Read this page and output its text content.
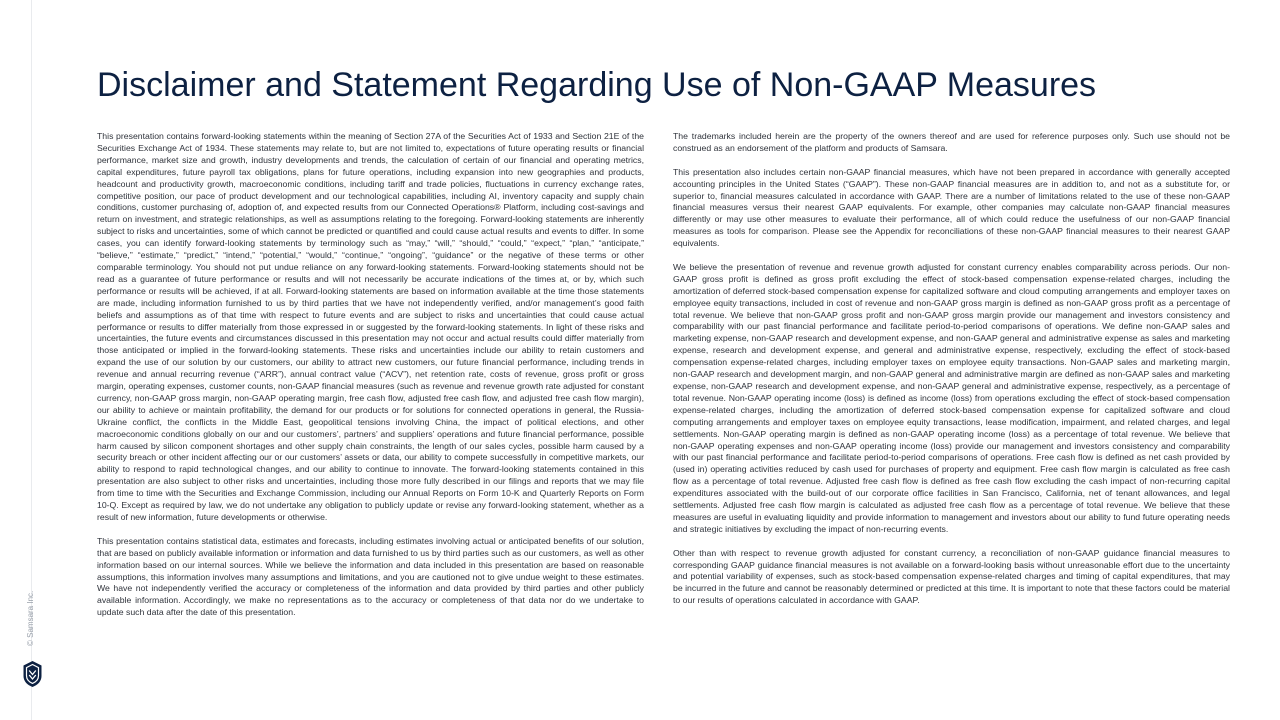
Disclaimer and Statement Regarding Use of Non-GAAP Measures

This presentation contains forward-looking statements within the meaning of Section 27A of the Securities Act of 1933 and Section 21E of the Securities Exchange Act of 1934. These statements may relate to, but are not limited to, expectations of future operating results or financial performance, market size and growth, industry developments and trends, the calculation of certain of our financial and operating metrics, capital expenditures, future payroll tax obligations, plans for future operations, including expansion into new geographies and products, headcount and productivity growth, macroeconomic conditions, including tariff and trade policies, fluctuations in currency exchange rates, competitive position, our pace of product development and our technological capabilities, including AI, inventory capacity and supply chain conditions, customer purchasing of, adoption of, and expected results from our Connected Operations® Platform, including cost-savings and return on investment, and strategic relationships, as well as assumptions relating to the foregoing. Forward-looking statements are inherently subject to risks and uncertainties, some of which cannot be predicted or quantified and could cause actual results and events to differ. In some cases, you can identify forward-looking statements by terminology such as “may,” “will,” “should,” “could,” “expect,” “plan,” “anticipate,” “believe,” “estimate,” “predict,” “intend,” “potential,” “would,” “continue,” “ongoing”, “guidance” or the negative of these terms or other comparable terminology. You should not put undue reliance on any forward-looking statements. Forward-looking statements should not be read as a guarantee of future performance or results and will not necessarily be accurate indications of the times at, or by, which such performance or results will be achieved, if at all. Forward-looking statements are based on information available at the time those statements are made, including information furnished to us by third parties that we have not independently verified, and/or management’s good faith beliefs and assumptions as of that time with respect to future events and are subject to risks and uncertainties that could cause actual performance or results to differ materially from those expressed in or suggested by the forward-looking statements. In light of these risks and uncertainties, the future events and circumstances discussed in this presentation may not occur and actual results could differ materially from those anticipated or implied in the forward-looking statements. These risks and uncertainties include our ability to retain customers and expand the use of our solution by our customers, our ability to attract new customers, our future financial performance, including trends in revenue and annual recurring revenue (“ARR”), annual contract value (“ACV”), net retention rate, costs of revenue, gross profit or gross margin, operating expenses, customer counts, non-GAAP financial measures (such as revenue and revenue growth rate adjusted for constant currency, non-GAAP gross margin, non-GAAP operating margin, free cash flow, adjusted free cash flow, and adjusted free cash flow margin), our ability to achieve or maintain profitability, the demand for our products or for solutions for connected operations in general, the Russia-Ukraine conflict, the conflicts in the Middle East, geopolitical tensions involving China, the impact of political elections, and other macroeconomic conditions globally on our and our customers’, partners’ and suppliers’ operations and future financial performance, possible harm caused by silicon component shortages and other supply chain constraints, the length of our sales cycles, possible harm caused by a security breach or other incident affecting our or our customers’ assets or data, our ability to compete successfully in competitive markets, our ability to respond to rapid technological changes, and our ability to continue to innovate. The forward-looking statements contained in this presentation are also subject to other risks and uncertainties, including those more fully described in our filings and reports that we may file from time to time with the Securities and Exchange Commission, including our Annual Reports on Form 10-K and Quarterly Reports on Form 10-Q. Except as required by law, we do not undertake any obligation to publicly update or revise any forward-looking statement, whether as a result of new information, future developments or otherwise.

This presentation contains statistical data, estimates and forecasts, including estimates involving actual or anticipated benefits of our solution, that are based on publicly available information or information and data furnished to us by third parties such as our customers, as well as other information based on our internal sources. While we believe the information and data included in this presentation are based on reasonable assumptions, this information involves many assumptions and limitations, and you are cautioned not to give undue weight to these estimates. We have not independently verified the accuracy or completeness of the information and data provided by third parties and other publicly available information. Accordingly, we make no representations as to the accuracy or completeness of that data nor do we undertake to update such data after the date of this presentation.

The trademarks included herein are the property of the owners thereof and are used for reference purposes only. Such use should not be construed as an endorsement of the platform and products of Samsara.

This presentation also includes certain non-GAAP financial measures, which have not been prepared in accordance with generally accepted accounting principles in the United States (“GAAP”). These non-GAAP financial measures are in addition to, and not as a substitute for, or superior to, financial measures calculated in accordance with GAAP. There are a number of limitations related to the use of these non-GAAP financial measures versus their nearest GAAP equivalents. For example, other companies may calculate non-GAAP financial measures differently or may use other measures to evaluate their performance, all of which could reduce the usefulness of our non-GAAP financial measures as tools for comparison. Please see the Appendix for reconciliations of these non-GAAP financial measures to their nearest GAAP equivalents.

We believe the presentation of revenue and revenue growth adjusted for constant currency enables comparability across periods. Our non-GAAP gross profit is defined as gross profit excluding the effect of stock-based compensation expense-related charges, including the amortization of deferred stock-based compensation expense for capitalized software and cloud computing arrangements and employer taxes on employee equity transactions, included in cost of revenue and non-GAAP gross margin is defined as non-GAAP gross profit as a percentage of total revenue. We believe that non-GAAP gross profit and non-GAAP gross margin provide our management and investors consistency and comparability with our past financial performance and facilitate period-to-period comparisons of operations. We define non-GAAP sales and marketing expense, non-GAAP research and development expense, and non-GAAP general and administrative expense as sales and marketing expense, research and development expense, and general and administrative expense, respectively, excluding the effect of stock-based compensation expense-related charges, including employer taxes on employee equity transactions. Non-GAAP sales and marketing margin, non-GAAP research and development margin, and non-GAAP general and administrative margin are defined as non-GAAP sales and marketing expense, non-GAAP research and development expense, and non-GAAP general and administrative expense, respectively, as a percentage of total revenue. Non-GAAP operating income (loss) is defined as income (loss) from operations excluding the effect of stock-based compensation expense-related charges, including the amortization of deferred stock-based compensation expense for capitalized software and cloud computing arrangements and employer taxes on employee equity transactions, lease modification, impairment, and related charges, and legal settlements. Non-GAAP operating margin is defined as non-GAAP operating income (loss) as a percentage of total revenue. We believe that non-GAAP operating expenses and non-GAAP operating income (loss) provide our management and investors consistency and comparability with our past financial performance and facilitate period-to-period comparisons of operations. Free cash flow is defined as net cash provided by (used in) operating activities reduced by cash used for purchases of property and equipment. Free cash flow margin is calculated as free cash flow as a percentage of total revenue. Adjusted free cash flow is defined as free cash flow excluding the cash impact of non-recurring capital expenditures associated with the build-out of our corporate office facilities in San Francisco, California, net of tenant allowances, and legal settlements. Adjusted free cash flow margin is calculated as adjusted free cash flow as a percentage of total revenue. We believe that these measures are useful in evaluating liquidity and provide information to management and investors about our ability to fund future operating needs and strategic initiatives by excluding the impact of non-recurring events.

Other than with respect to revenue growth adjusted for constant currency, a reconciliation of non-GAAP guidance financial measures to corresponding GAAP guidance financial measures is not available on a forward-looking basis without unreasonable effort due to the uncertainty and potential variability of expenses, such as stock-based compensation expense-related charges and timing of capital expenditures, that may be incurred in the future and cannot be reasonably determined or predicted at this time. It is important to note that these factors could be material to our results of operations calculated in accordance with GAAP.

© Samsara Inc.
